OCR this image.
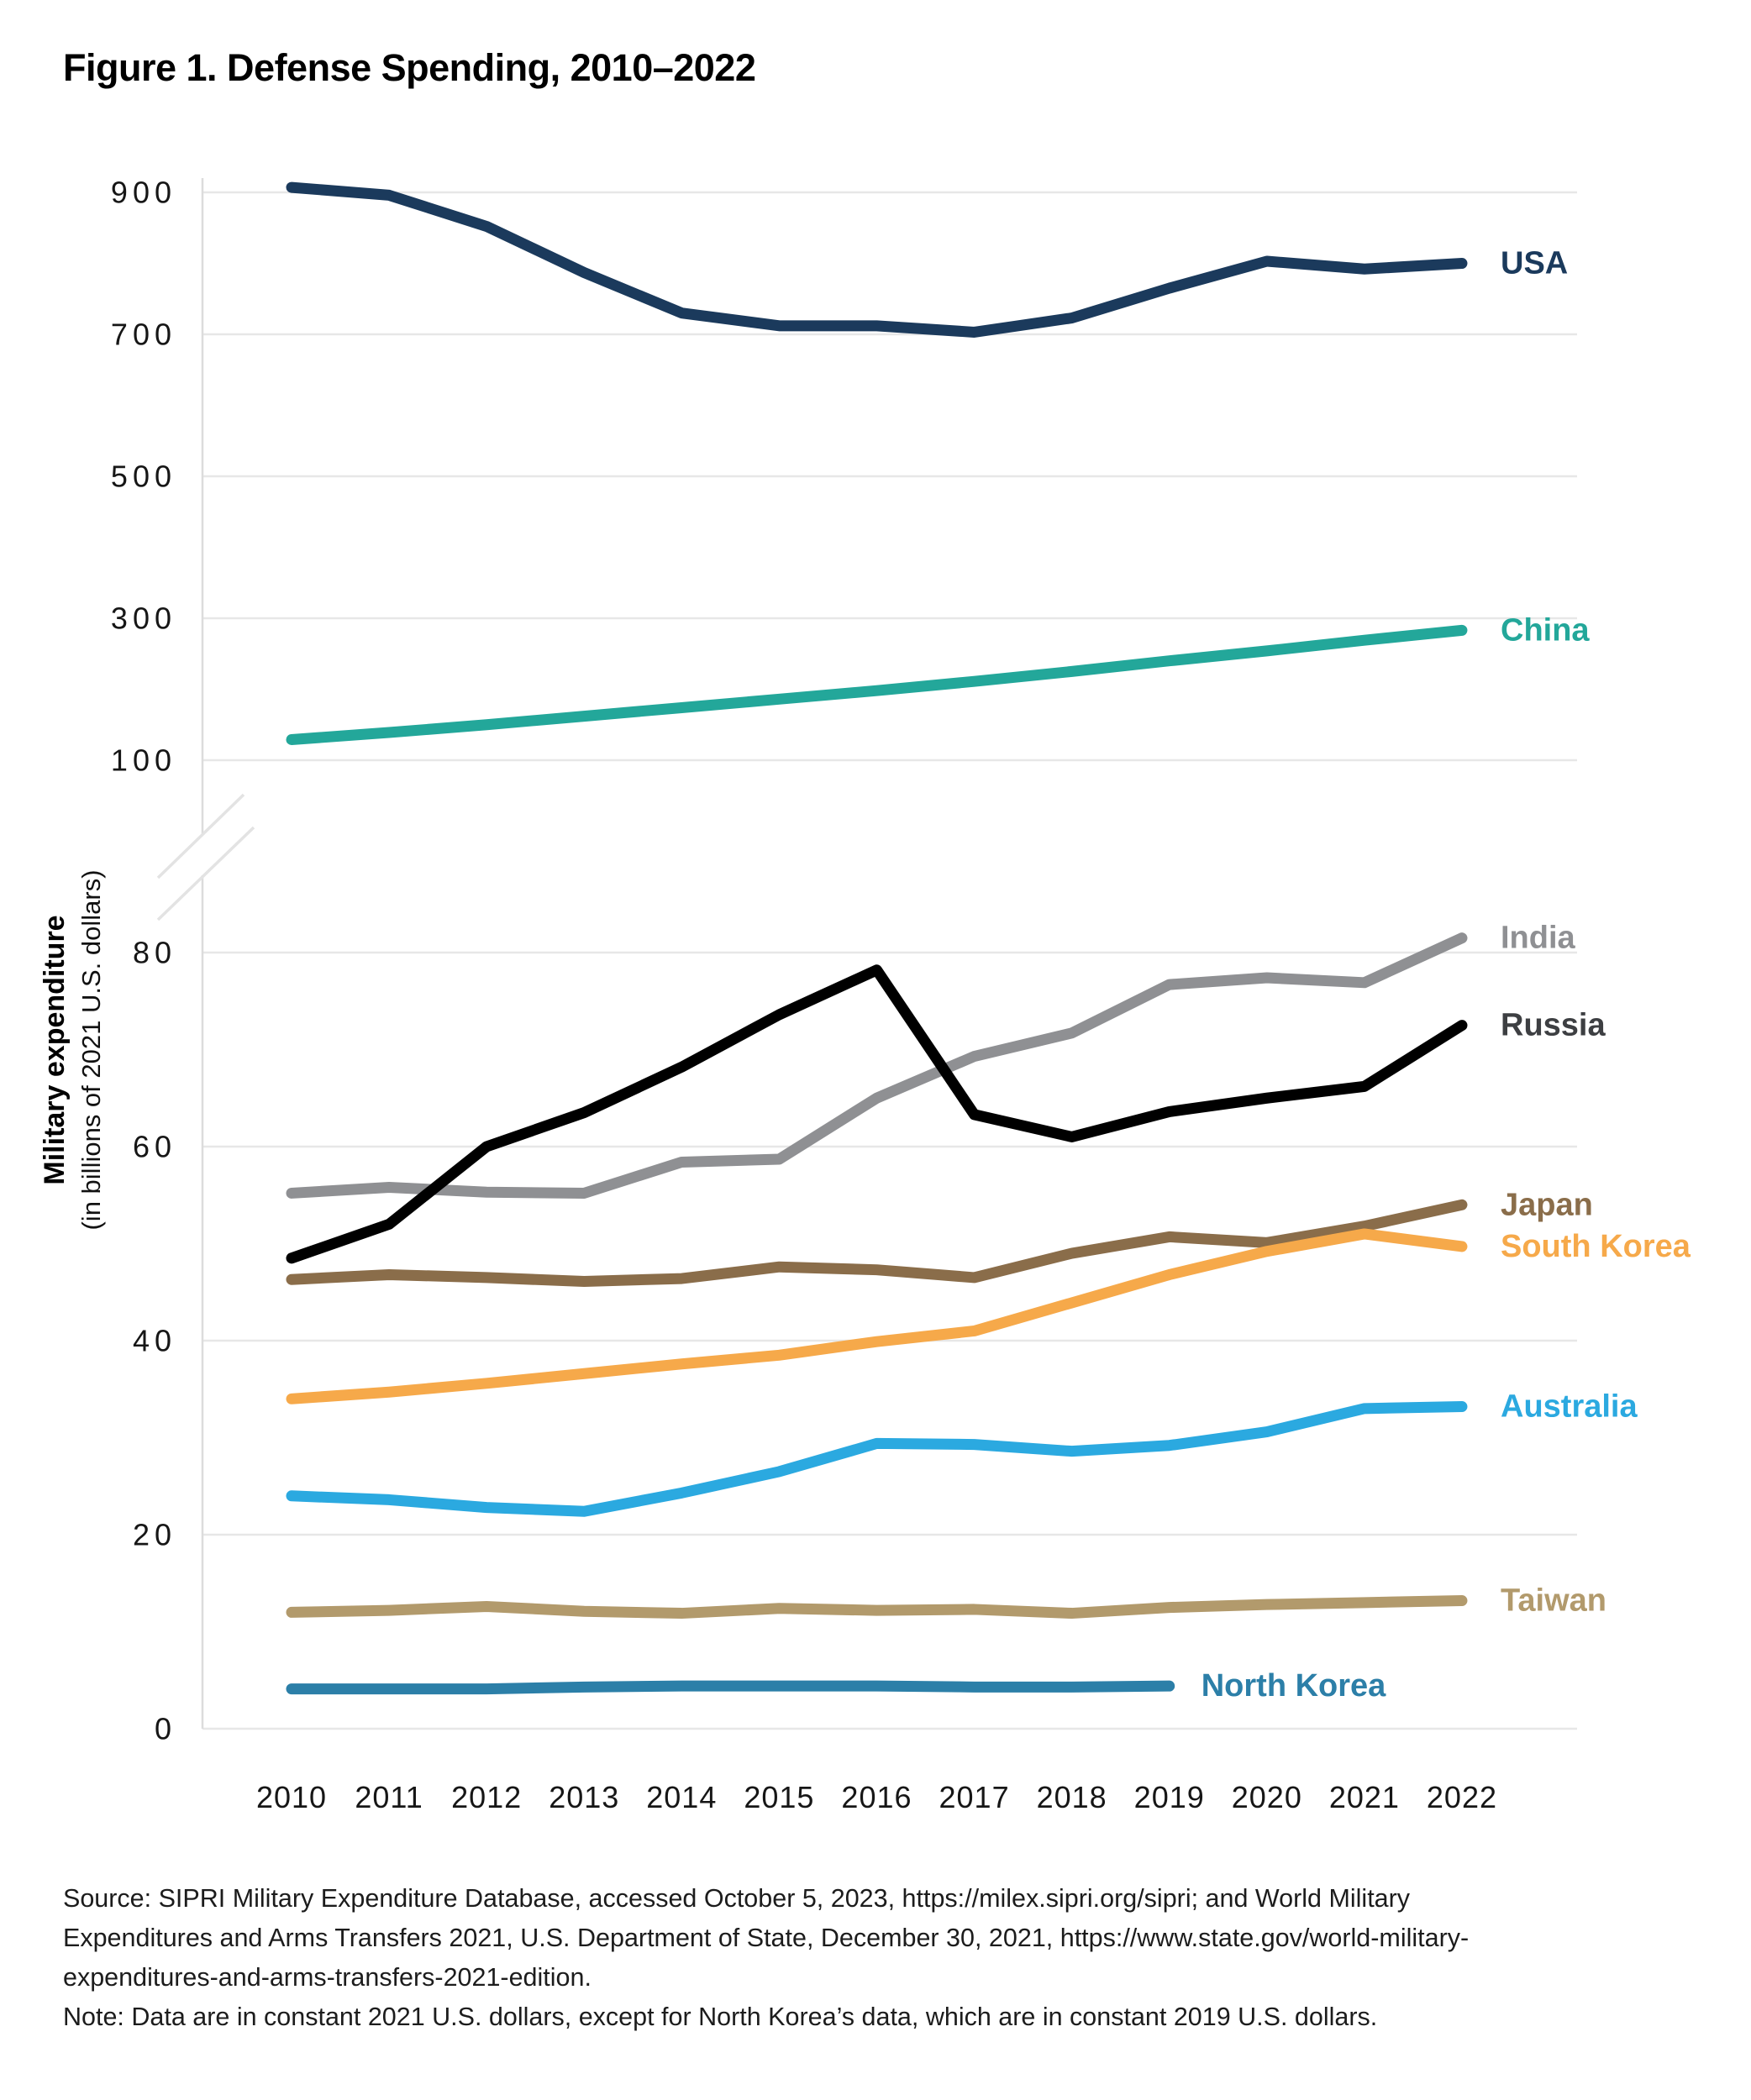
Figure 1. Defense Spending, 2010–2022
Military expenditure (in billions of 2021 U.S. dollars)
900
700
500
300
100
80
60
40
20
0
2010 2011 2012 2013 2014 2015 2016 2017 2018 2019 2020 2021 2022
USA
China
India
Russia
Japan
South Korea
Australia
Taiwan
North Korea
Source: SIPRI Military Expenditure Database, accessed October 5, 2023, https://milex.sipri.org/sipri; and World Military
Expenditures and Arms Transfers 2021, U.S. Department of State, December 30, 2021, https://www.state.gov/world-military-
expenditures-and-arms-transfers-2021-edition.
Note: Data are in constant 2021 U.S. dollars, except for North Korea’s data, which are in constant 2019 U.S. dollars.
